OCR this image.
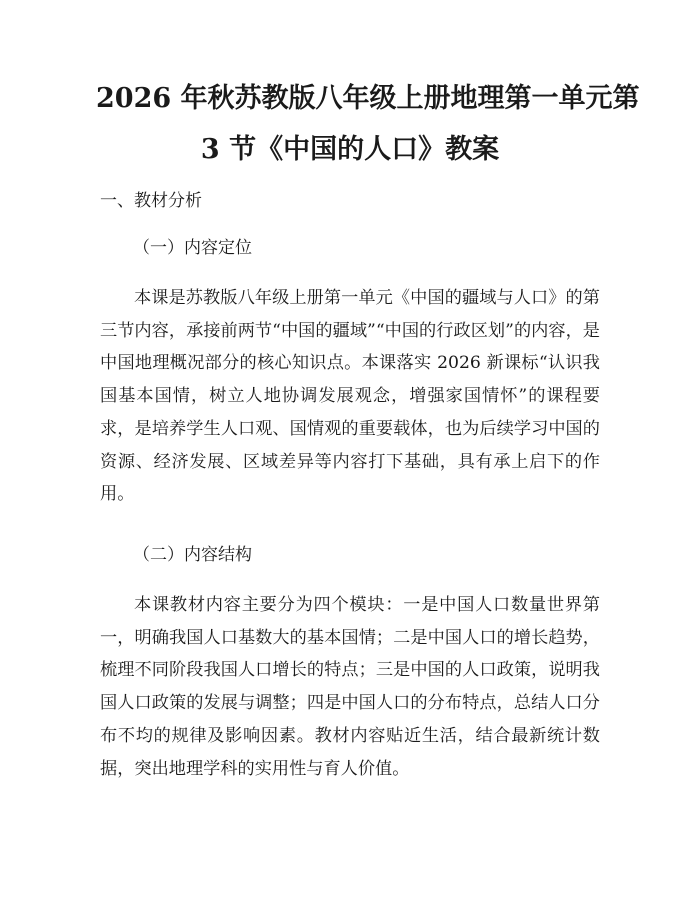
2026 年秋苏教版八年级上册地理第一单元第
3 节《中国的人口》教案
一、教材分析
（一）内容定位

本课是苏教版八年级上册第一单元《中国的疆域与人口》的第三节内容，承接前两节“中国的疆域”“中国的行政区划”的内容，是中国地理概况部分的核心知识点。本课落实 2026 新课标“认识我国基本国情，树立人地协调发展观念，增强家国情怀”的课程要求，是培养学生人口观、国情观的重要载体，也为后续学习中国的资源、经济发展、区域差异等内容打下基础，具有承上启下的作用。

（二）内容结构

本课教材内容主要分为四个模块：一是中国人口数量世界第一，明确我国人口基数大的基本国情；二是中国人口的增长趋势，梳理不同阶段我国人口增长的特点；三是中国的人口政策，说明我国人口政策的发展与调整；四是中国人口的分布特点，总结人口分布不均的规律及影响因素。教材内容贴近生活，结合最新统计数据，突出地理学科的实用性与育人价值。
